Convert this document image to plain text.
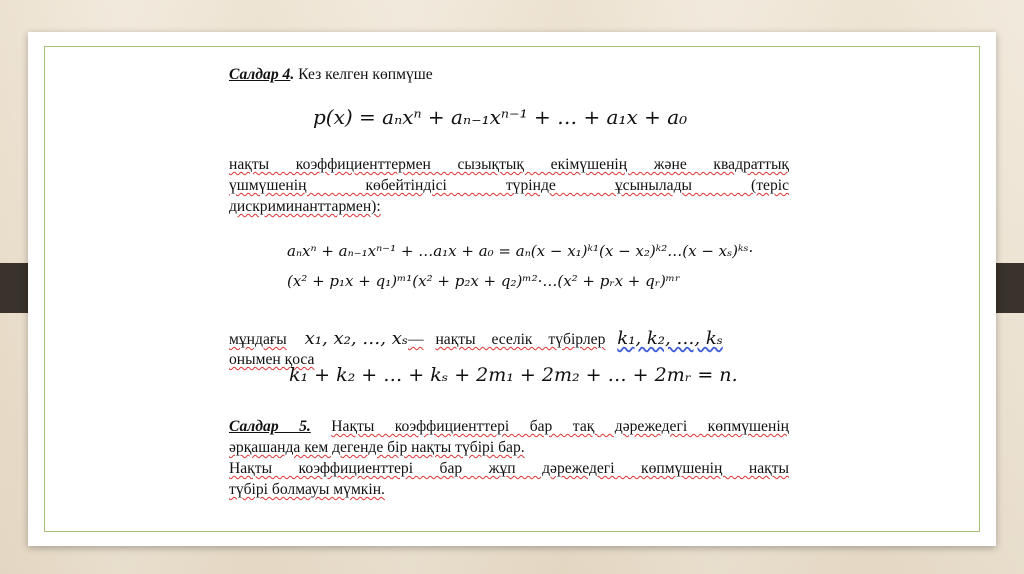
Салдар 4. Кез келген көпмүше
p(x) = aₙxⁿ + aₙ₋₁xⁿ⁻¹ + … + a₁x + a₀
нақты коэффициенттермен сызықтық екімүшенің және квадраттық
үшмүшенің көбейтіндісі түрінде ұсынылады (теріс
дискриминанттармен):
aₙxⁿ + aₙ₋₁xⁿ⁻¹ + …a₁x + a₀ = aₙ(x − x₁)ᵏ¹(x − x₂)ᵏ²…(x − xₛ)ᵏˢ·
(x² + p₁x + q₁)ᵐ¹(x² + p₂x + q₂)ᵐ²·…(x² + pᵣx + qᵣ)ᵐʳ
мұндағы x₁, x₂, …, xₛ— нақты еселік түбірлер k₁, k₂, …, kₛ
онымен қоса
k₁ + k₂ + … + kₛ + 2m₁ + 2m₂ + … + 2mᵣ = n.
Салдар 5. Нақты коэффициенттері бар тақ дәрежедегі көпмүшенің
әрқашанда кем дегенде бір нақты түбірі бар.
Нақты коэффициенттері бар жұп дәрежедегі көпмүшенің нақты
түбірі болмауы мүмкін.
